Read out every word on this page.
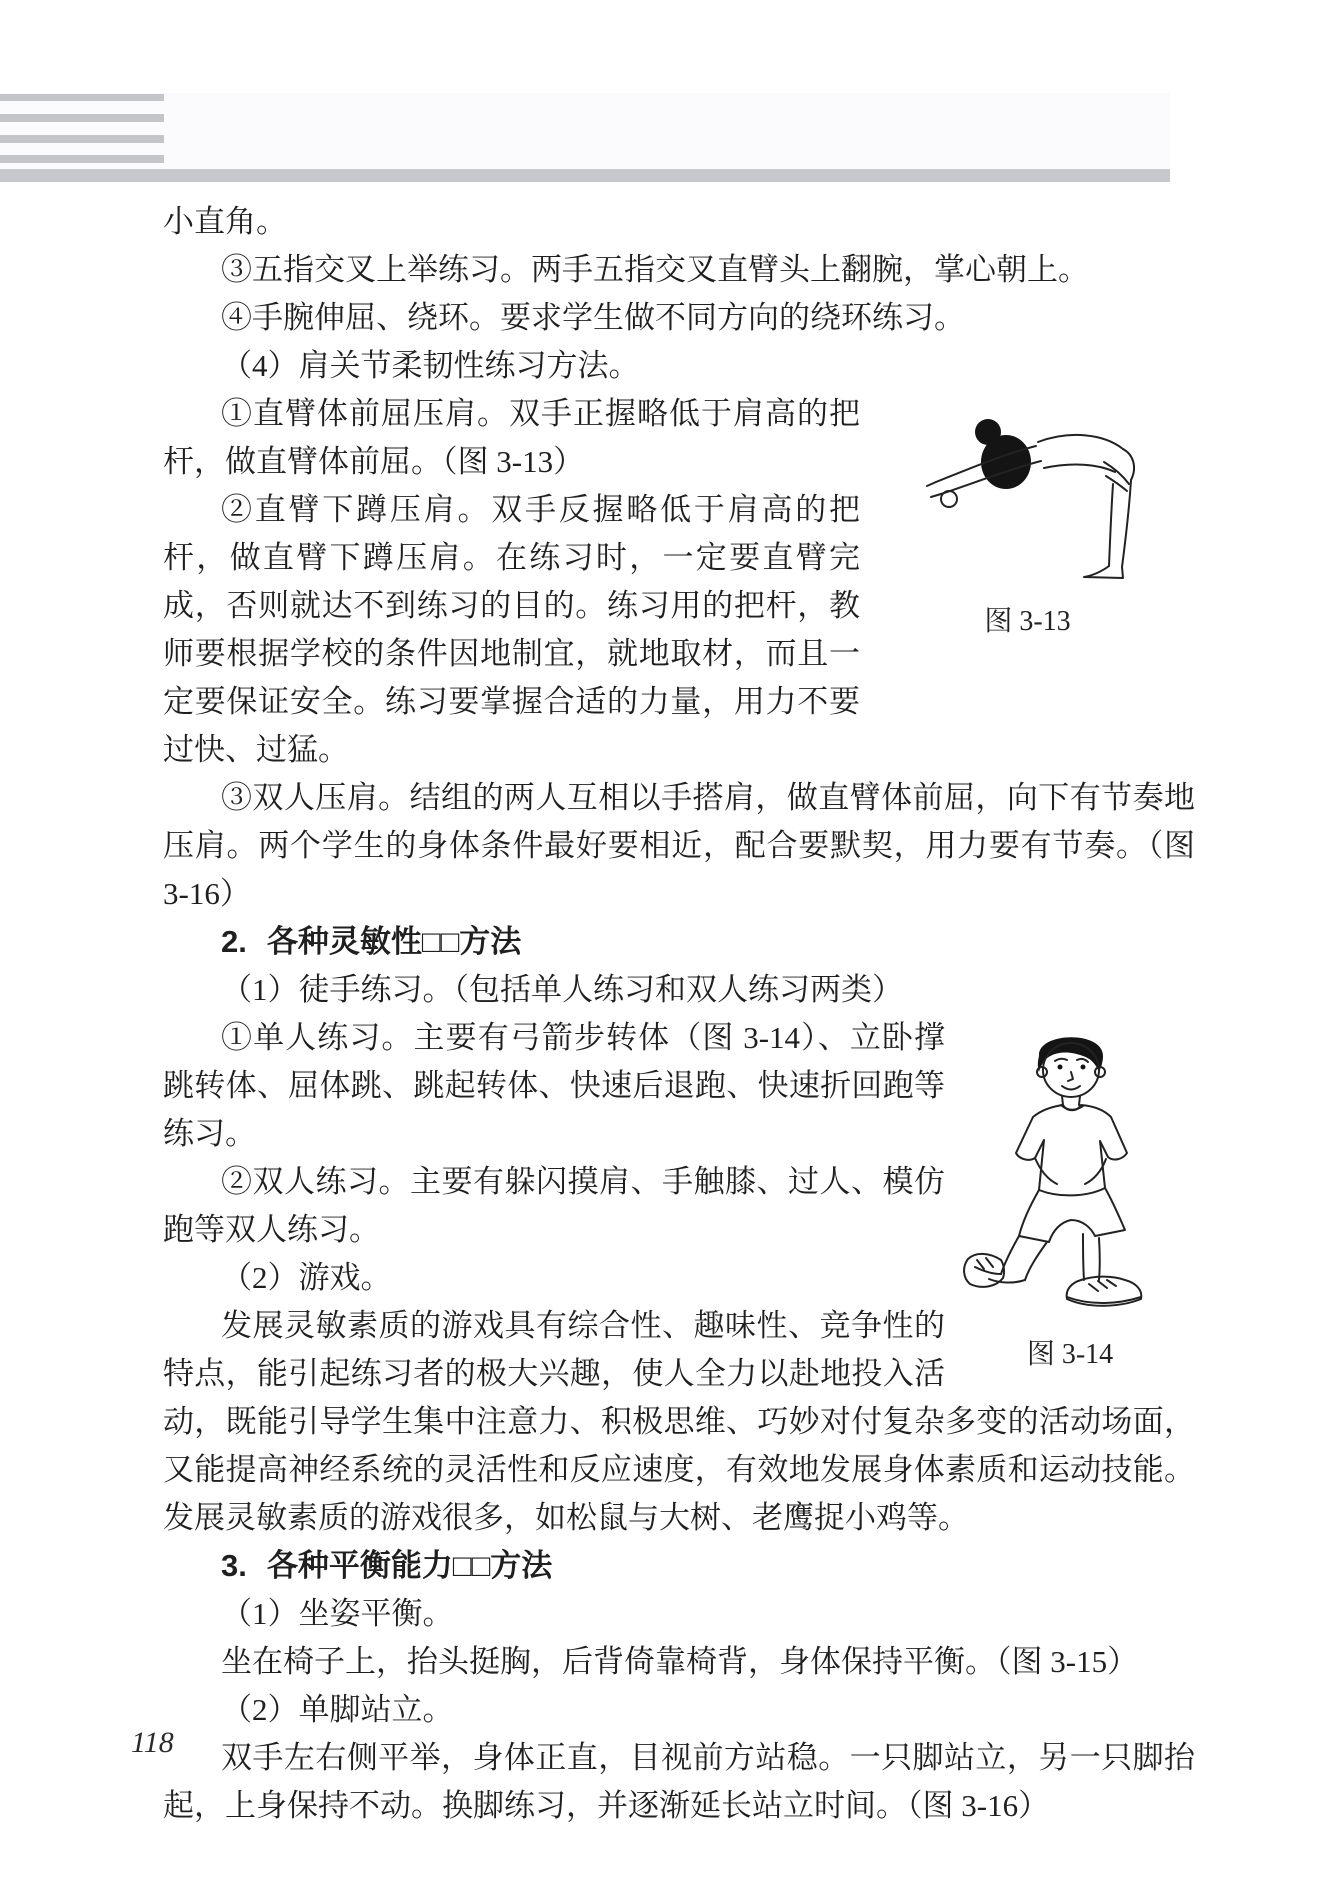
小直角。

③五指交叉上举练习。两手五指交叉直臂头上翻腕，掌心朝上。

④手腕伸屈、绕环。要求学生做不同方向的绕环练习。

（4）肩关节柔韧性练习方法。

图 3-13

①直臂体前屈压肩。双手正握略低于肩高的把杆，做直臂体前屈。（图 3-13）

②直臂下蹲压肩。双手反握略低于肩高的把杆，做直臂下蹲压肩。在练习时，一定要直臂完成，否则就达不到练习的目的。练习用的把杆，教师要根据学校的条件因地制宜，就地取材，而且一定要保证安全。练习要掌握合适的力量，用力不要过快、过猛。

③双人压肩。结组的两人互相以手搭肩，做直臂体前屈，向下有节奏地压肩。两个学生的身体条件最好要相近，配合要默契，用力要有节奏。（图 3-16）

2. 各种灵敏性□□方法

（1）徒手练习。（包括单人练习和双人练习两类）

图 3-14

①单人练习。主要有弓箭步转体（图 3-14）、立卧撑跳转体、屈体跳、跳起转体、快速后退跑、快速折回跑等练习。

②双人练习。主要有躲闪摸肩、手触膝、过人、模仿跑等双人练习。

（2）游戏。

发展灵敏素质的游戏具有综合性、趣味性、竞争性的特点，能引起练习者的极大兴趣，使人全力以赴地投入活动，既能引导学生集中注意力、积极思维、巧妙对付复杂多变的活动场面，又能提高神经系统的灵活性和反应速度，有效地发展身体素质和运动技能。发展灵敏素质的游戏很多，如松鼠与大树、老鹰捉小鸡等。

3. 各种平衡能力□□方法

（1）坐姿平衡。

坐在椅子上，抬头挺胸，后背倚靠椅背，身体保持平衡。（图 3-15）

（2）单脚站立。

双手左右侧平举，身体正直，目视前方站稳。一只脚站立，另一只脚抬起，上身保持不动。换脚练习，并逐渐延长站立时间。（图 3-16）

118
